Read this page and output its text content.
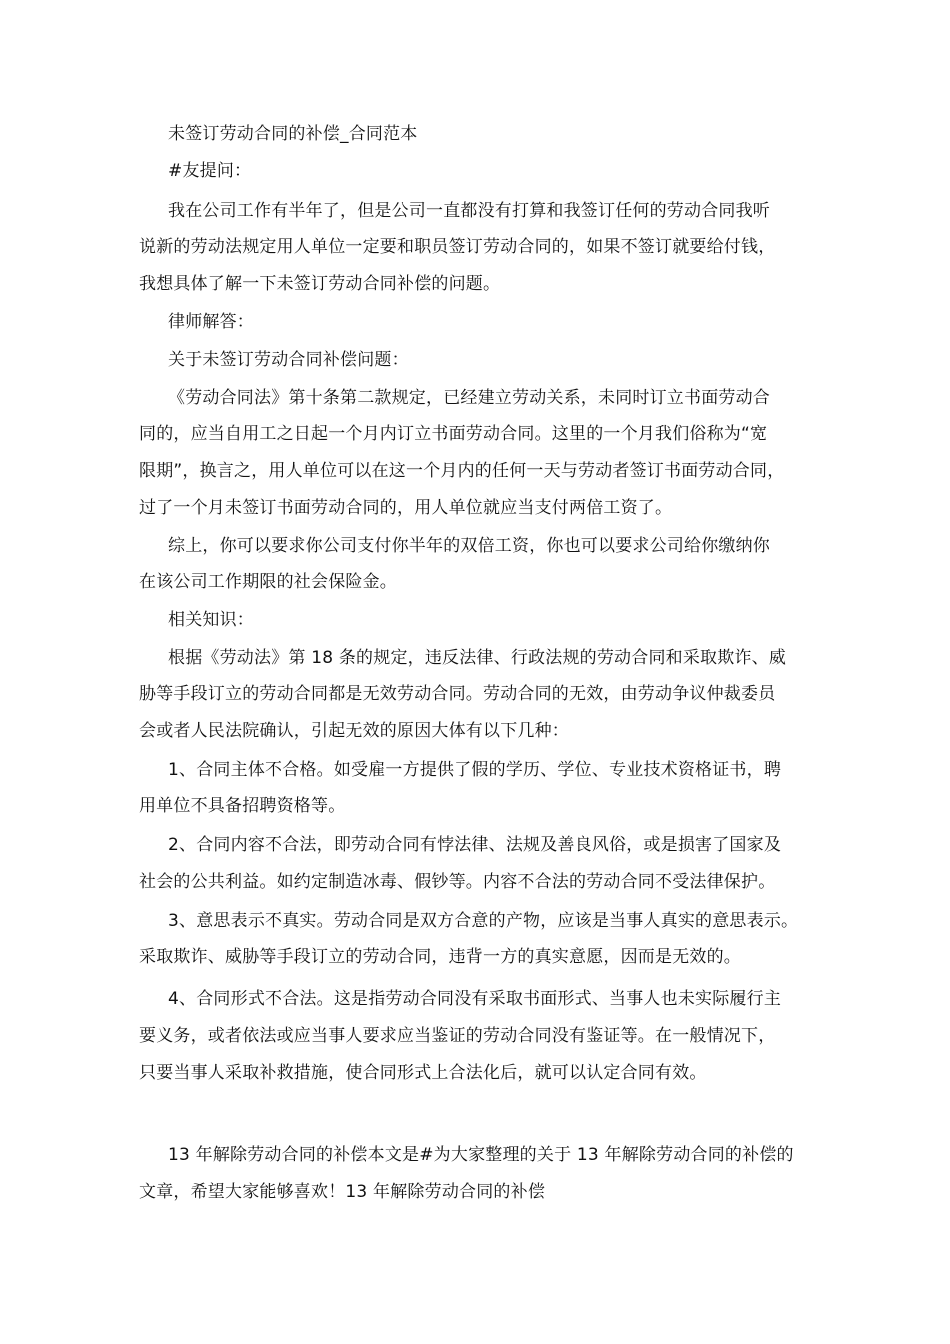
未签订劳动合同的补偿_合同范本
#友提问：
我在公司工作有半年了，但是公司一直都没有打算和我签订任何的劳动合同我听
说新的劳动法规定用人单位一定要和职员签订劳动合同的，如果不签订就要给付钱，
我想具体了解一下未签订劳动合同补偿的问题。
律师解答：
关于未签订劳动合同补偿问题：
《劳动合同法》第十条第二款规定，已经建立劳动关系，未同时订立书面劳动合
同的，应当自用工之日起一个月内订立书面劳动合同。这里的一个月我们俗称为“宽
限期”，换言之，用人单位可以在这一个月内的任何一天与劳动者签订书面劳动合同，
过了一个月未签订书面劳动合同的，用人单位就应当支付两倍工资了。
综上，你可以要求你公司支付你半年的双倍工资，你也可以要求公司给你缴纳你
在该公司工作期限的社会保险金。
相关知识：
根据《劳动法》第 18 条的规定，违反法律、行政法规的劳动合同和采取欺诈、威
胁等手段订立的劳动合同都是无效劳动合同。劳动合同的无效，由劳动争议仲裁委员
会或者人民法院确认，引起无效的原因大体有以下几种：
1、合同主体不合格。如受雇一方提供了假的学历、学位、专业技术资格证书，聘
用单位不具备招聘资格等。
2、合同内容不合法，即劳动合同有悖法律、法规及善良风俗，或是损害了国家及
社会的公共利益。如约定制造冰毒、假钞等。内容不合法的劳动合同不受法律保护。
3、意思表示不真实。劳动合同是双方合意的产物，应该是当事人真实的意思表示。
采取欺诈、威胁等手段订立的劳动合同，违背一方的真实意愿，因而是无效的。
4、合同形式不合法。这是指劳动合同没有采取书面形式、当事人也未实际履行主
要义务，或者依法或应当事人要求应当鉴证的劳动合同没有鉴证等。在一般情况下，
只要当事人采取补救措施，使合同形式上合法化后，就可以认定合同有效。
13 年解除劳动合同的补偿本文是#为大家整理的关于 13 年解除劳动合同的补偿的
文章，希望大家能够喜欢！13 年解除劳动合同的补偿
